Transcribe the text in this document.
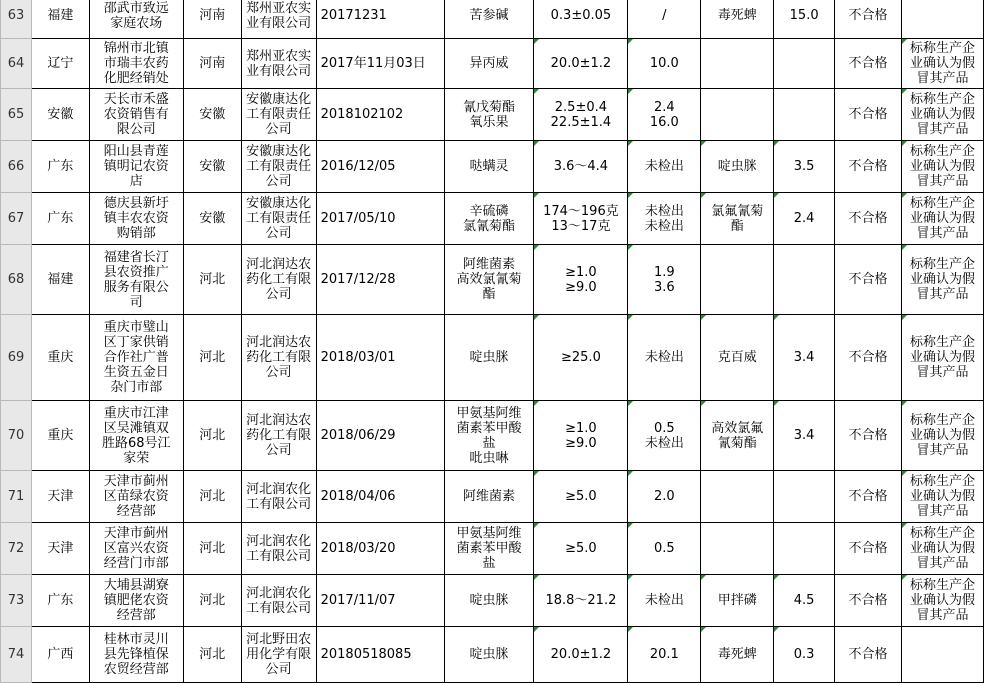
63	福建	邵武市致远
家庭农场	河南	郑州亚农实
业有限公司	20171231	苦参碱	0.3±0.05	/	毒死蜱	15.0	不合格	

64	辽宁	锦州市北镇
市瑞丰农药
化肥经销处	河南	郑州亚农实
业有限公司	2017年11月03日	异丙威	20.0±1.2	10.0			不合格	标称生产企
业确认为假
冒其产品

65	安徽	天长市禾盛
农资销售有
限公司	安徽	安徽康达化
工有限责任
公司	2018102102	氰戊菊酯
氧乐果	2.5±0.4
22.5±1.4	2.4
16.0			不合格	标称生产企
业确认为假
冒其产品

66	广东	阳山县青莲
镇明记农资
店	安徽	安徽康达化
工有限责任
公司	2016/12/05	哒螨灵	3.6～4.4	未检出	啶虫脒	3.5	不合格	标称生产企
业确认为假
冒其产品

67	广东	德庆县新圩
镇丰农农资
购销部	安徽	安徽康达化
工有限责任
公司	2017/05/10	辛硫磷
氯氰菊酯	174～196克
13～17克	未检出
未检出	氯氟氰菊
酯	2.4	不合格	标称生产企
业确认为假
冒其产品

68	福建	福建省长汀
县农资推广
服务有限公
司	河北	河北润达农
药化工有限
公司	2017/12/28	阿维菌素
高效氯氰菊
酯	≥1.0
≥9.0	1.9
3.6			不合格	标称生产企
业确认为假
冒其产品

69	重庆	重庆市璧山
区丁家供销
合作社广普
生资五金日
杂门市部	河北	河北润达农
药化工有限
公司	2018/03/01	啶虫脒	≥25.0	未检出	克百威	3.4	不合格	标称生产企
业确认为假
冒其产品

70	重庆	重庆市江津
区吴滩镇双
胜路68号江
家荣	河北	河北润达农
药化工有限
公司	2018/06/29	甲氨基阿维
菌素苯甲酸
盐
吡虫啉	≥1.0
≥9.0	0.5
未检出	高效氯氟
氰菊酯	3.4	不合格	标称生产企
业确认为假
冒其产品

71	天津	天津市蓟州
区苗绿农资
经营部	河北	河北润农化
工有限公司	2018/04/06	阿维菌素	≥5.0	2.0			不合格	标称生产企
业确认为假
冒其产品

72	天津	天津市蓟州
区富兴农资
经营门市部	河北	河北润农化
工有限公司	2018/03/20	甲氨基阿维
菌素苯甲酸
盐	≥5.0	0.5			不合格	标称生产企
业确认为假
冒其产品

73	广东	大埔县湖寮
镇肥佬农资
经营部	河北	河北润农化
工有限公司	2017/11/07	啶虫脒	18.8～21.2	未检出	甲拌磷	4.5	不合格	标称生产企
业确认为假
冒其产品

74	广西	桂林市灵川
县先锋植保
农贸经营部	河北	河北野田农
用化学有限
公司	20180518085	啶虫脒	20.0±1.2	20.1	毒死蜱	0.3	不合格	
